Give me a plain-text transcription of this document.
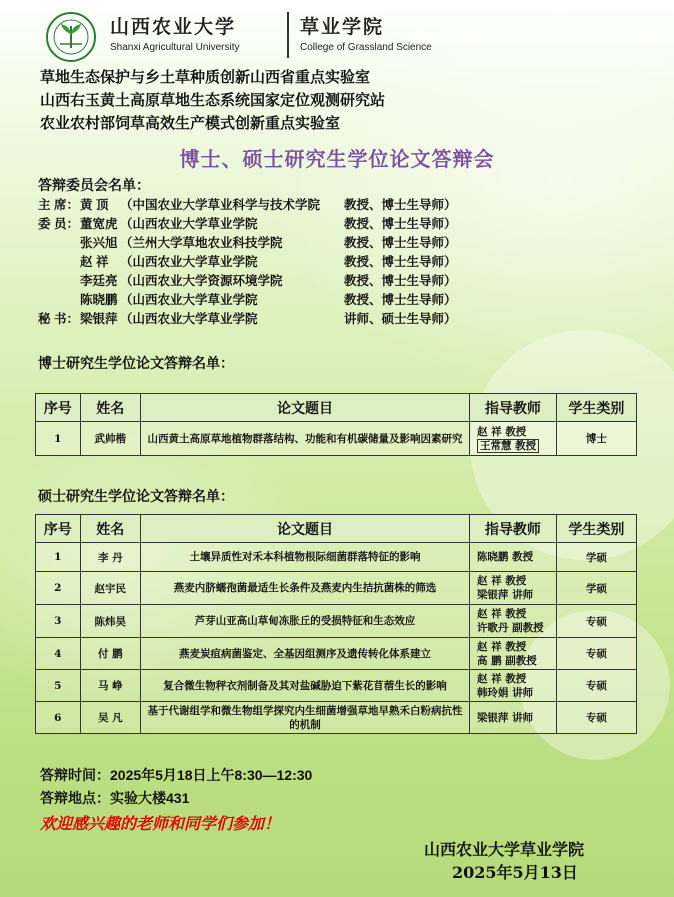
山西农业大学
Shanxi Agricultural University
草业学院
College of Grassland Science
草地生态保护与乡土草种质创新山西省重点实验室
山西右玉黄土高原草地生态系统国家定位观测研究站
农业农村部饲草高效生产模式创新重点实验室
博士、硕士研究生学位论文答辩会
答辩委员会名单：
主 席： 黄 顶 （中国农业大学草业科学与技术学院 教授、博士生导师）
委 员： 董宽虎 （山西农业大学草业学院	教授、博士生导师）
张兴旭 （兰州大学草地农业科技学院	教授、博士生导师）
赵 祥 （山西农业大学草业学院	教授、博士生导师）
李廷亮 （山西农业大学资源环境学院	教授、博士生导师）
陈晓鹏 （山西农业大学草业学院	教授、博士生导师）
秘 书： 梁银萍 （山西农业大学草业学院	讲师、硕士生导师）
博士研究生学位论文答辩名单：
序号	姓名	论文题目	指导教师	学生类别
1	武帅楷	山西黄土高原草地植物群落结构、功能和有机碳储量及影响因素研究	赵 祥 教授
王常慧 教授	博士
硕士研究生学位论文答辩名单：
序号	姓名	论文题目	指导教师	学生类别
1	李 丹	土壤异质性对禾本科植物根际细菌群落特征的影响	陈晓鹏 教授	学硕
2	赵宇民	燕麦内脐蠕孢菌最适生长条件及燕麦内生拮抗菌株的筛选	赵 祥 教授
梁银萍 讲师	学硕
3	陈炜昊	芦芽山亚高山草甸冻胀丘的受损特征和生态效应	赵 祥 教授
许歌丹 副教授	专硕
4	付 鹏	燕麦炭疽病菌鉴定、全基因组测序及遗传转化体系建立	赵 祥 教授
高 鹏 副教授	专硕
5	马 峥	复合微生物秤衣剂制备及其对盐碱胁迫下紫花苜蓿生长的影响	赵 祥 教授
韩玲娟 讲师	专硕
6	吴 凡	基于代谢组学和微生物组学探究内生细菌增强草地早熟禾白粉病抗性的机制	梁银萍 讲师	专硕
答辩时间：2025年5月18日上午8:30—12:30
答辩地点：实验大楼431
欢迎感兴趣的老师和同学们参加！
山西农业大学草业学院
2025年5月13日
